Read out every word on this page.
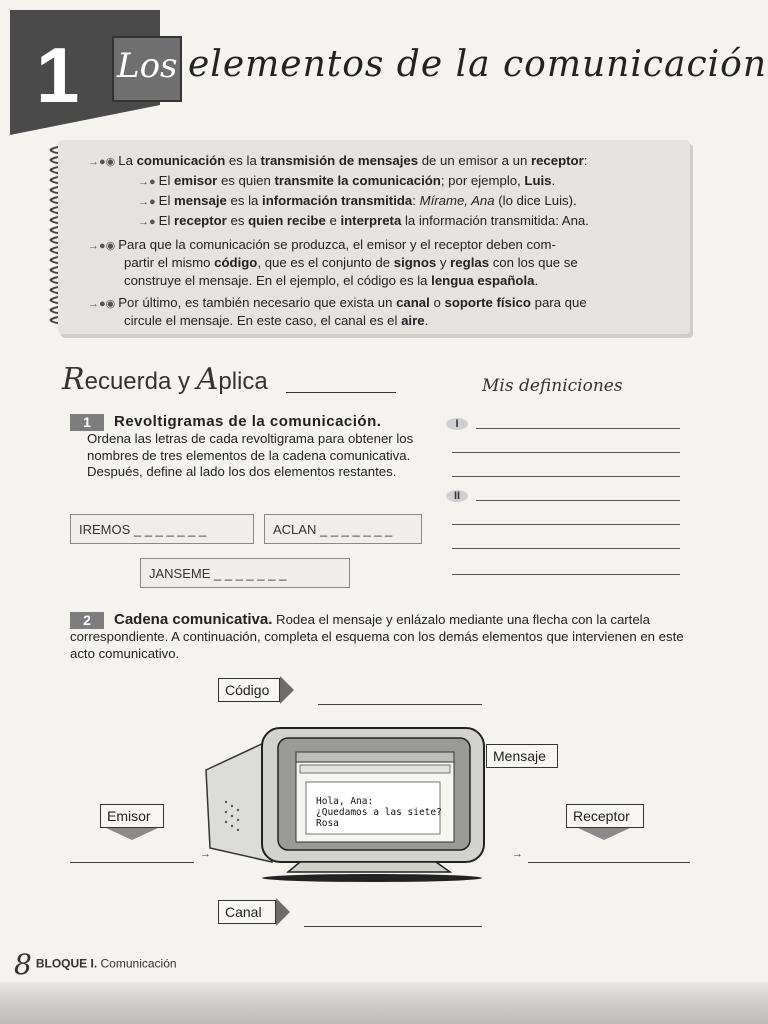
1 Los elementos de la comunicación

→●◉ La comunicación es la transmisión de mensajes de un emisor a un receptor:

→● El emisor es quien transmite la comunicación; por ejemplo, Luis.

→● El mensaje es la información transmitida: Mírame, Ana (lo dice Luis).

→● El receptor es quien recibe e interpreta la información transmitida: Ana.

→●◉ Para que la comunicación se produzca, el emisor y el receptor deben com-

partir el mismo código, que es el conjunto de signos y reglas con los que se

construye el mensaje. En el ejemplo, el código es la lengua española.

→●◉ Por último, es también necesario que exista un canal o soporte físico para que

circule el mensaje. En este caso, el canal es el aire.

Recuerda y Aplica	Mis definiciones
1 Revoltigramas de la comunicación.
Ordena las letras de cada revoltigrama para obtener los nombres de tres elementos de la cadena comunicativa. Después, define al lado los dos elementos restantes.
I
II
IREMOS _ _ _ _ _ _ _	ACLAN _ _ _ _ _ _ _
JANSEME _ _ _ _ _ _ _
2 Cadena comunicativa. Rodea el mensaje y enlázalo mediante una flecha con la cartela correspondiente. A continuación, completa el esquema con los demás elementos que intervienen en este acto comunicativo.
Código
Mensaje
Emisor
→
Receptor
→
Hola, Ana:
¿Quedamos a las siete?
Rosa
Canal
8 BLOQUE I. Comunicación
